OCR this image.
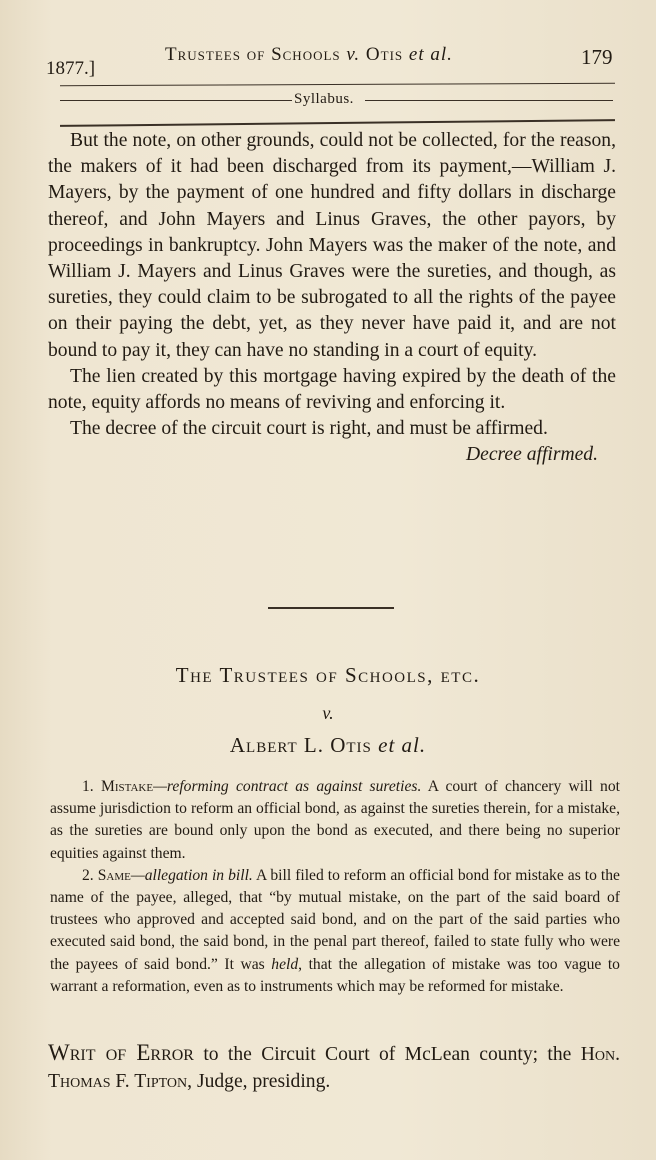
1877.]
Trustees of Schools v. Otis et al.	179
Syllabus.

But the note, on other grounds, could not be collected, for the reason, the makers of it had been discharged from its payment,—William J. Mayers, by the payment of one hundred and fifty dollars in discharge thereof, and John Mayers and Linus Graves, the other payors, by proceedings in bankruptcy. John Mayers was the maker of the note, and William J. Mayers and Linus Graves were the sureties, and though, as sureties, they could claim to be subrogated to all the rights of the payee on their paying the debt, yet, as they never have paid it, and are not bound to pay it, they can have no standing in a court of equity.

The lien created by this mortgage having expired by the death of the note, equity affords no means of reviving and enforcing it.

The decree of the circuit court is right, and must be affirmed.

Decree affirmed.

The Trustees of Schools, etc.
v.
Albert L. Otis et al.

1. Mistake—reforming contract as against sureties. A court of chancery will not assume jurisdiction to reform an official bond, as against the sureties therein, for a mistake, as the sureties are bound only upon the bond as executed, and there being no superior equities against them.

2. Same—allegation in bill. A bill filed to reform an official bond for mistake as to the name of the payee, alleged, that “by mutual mistake, on the part of the said board of trustees who approved and accepted said bond, and on the part of the said parties who executed said bond, the said bond, in the penal part thereof, failed to state fully who were the payees of said bond.” It was held, that the allegation of mistake was too vague to warrant a reformation, even as to instruments which may be reformed for mistake.

Writ of Error to the Circuit Court of McLean county; the Hon. Thomas F. Tipton, Judge, presiding.
